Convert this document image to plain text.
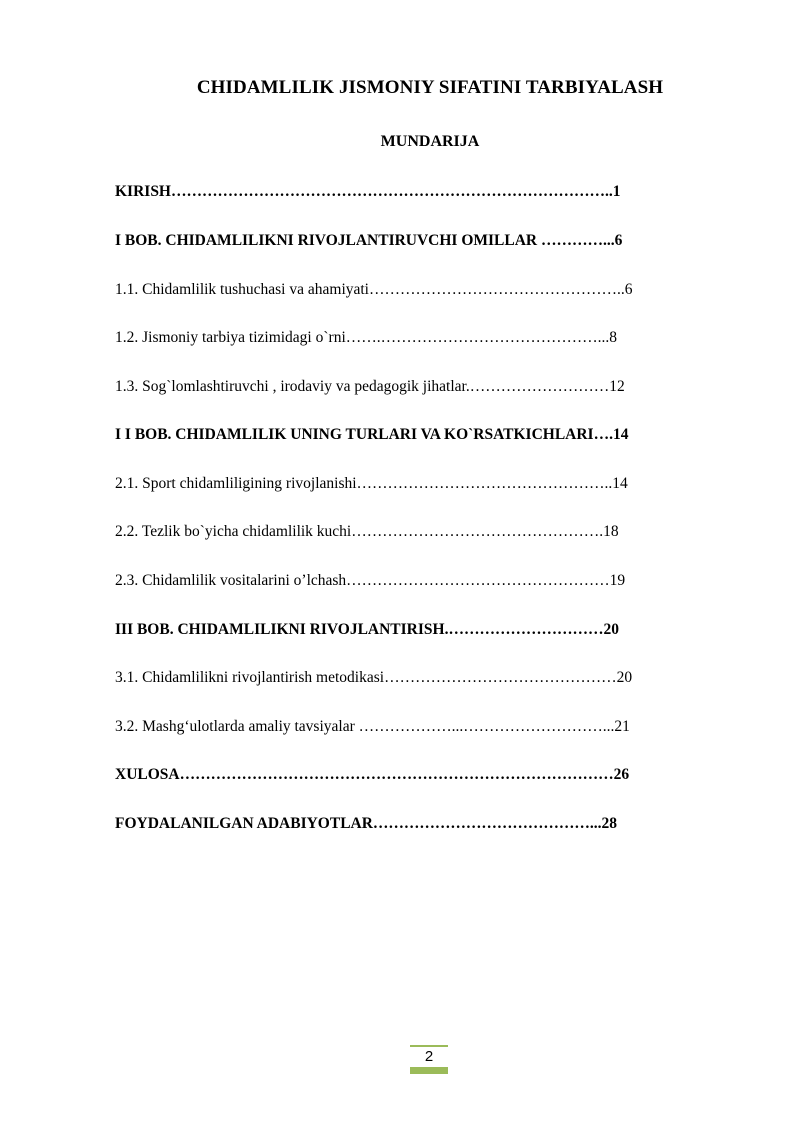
CHIDAMLILIK JISMONIY SIFATINI TARBIYALASH
MUNDARIJA
KIRISH…………………………………………………………………………..1
I BOB. CHIDAMLILIKNI RIVOJLANTIRUVCHI OMILLAR …………...6
1.1. Chidamlilik tushuchasi va ahamiyati…………………………………………..6
1.2. Jismoniy tarbiya tizimidagi o`rni…….……………………………………...8
1.3. Sog`lomlashtiruvchi , irodaviy va pedagogik jihatlar.………………………12
I I BOB. CHIDAMLILIK UNING TURLARI VA KO`RSATKICHLARI….14
2.1. Sport chidamliligining rivojlanishi…………………………………………..14
2.2. Tezlik bo`yicha chidamlilik kuchi………………………………………….18
2.3. Chidamlilik vositalarini o’lchash……………………………………………19
III BOB. CHIDAMLILIKNI RIVOJLANTIRISH.…………………………20
3.1. Chidamlilikni rivojlantirish metodikasi………………………………………20
3.2. Mashg‘ulotlarda amaliy tavsiyalar ………………...………………………...21
XULOSA…………………………………………………………………………26
FOYDALANILGAN ADABIYOTLAR……………………………………...28
2
